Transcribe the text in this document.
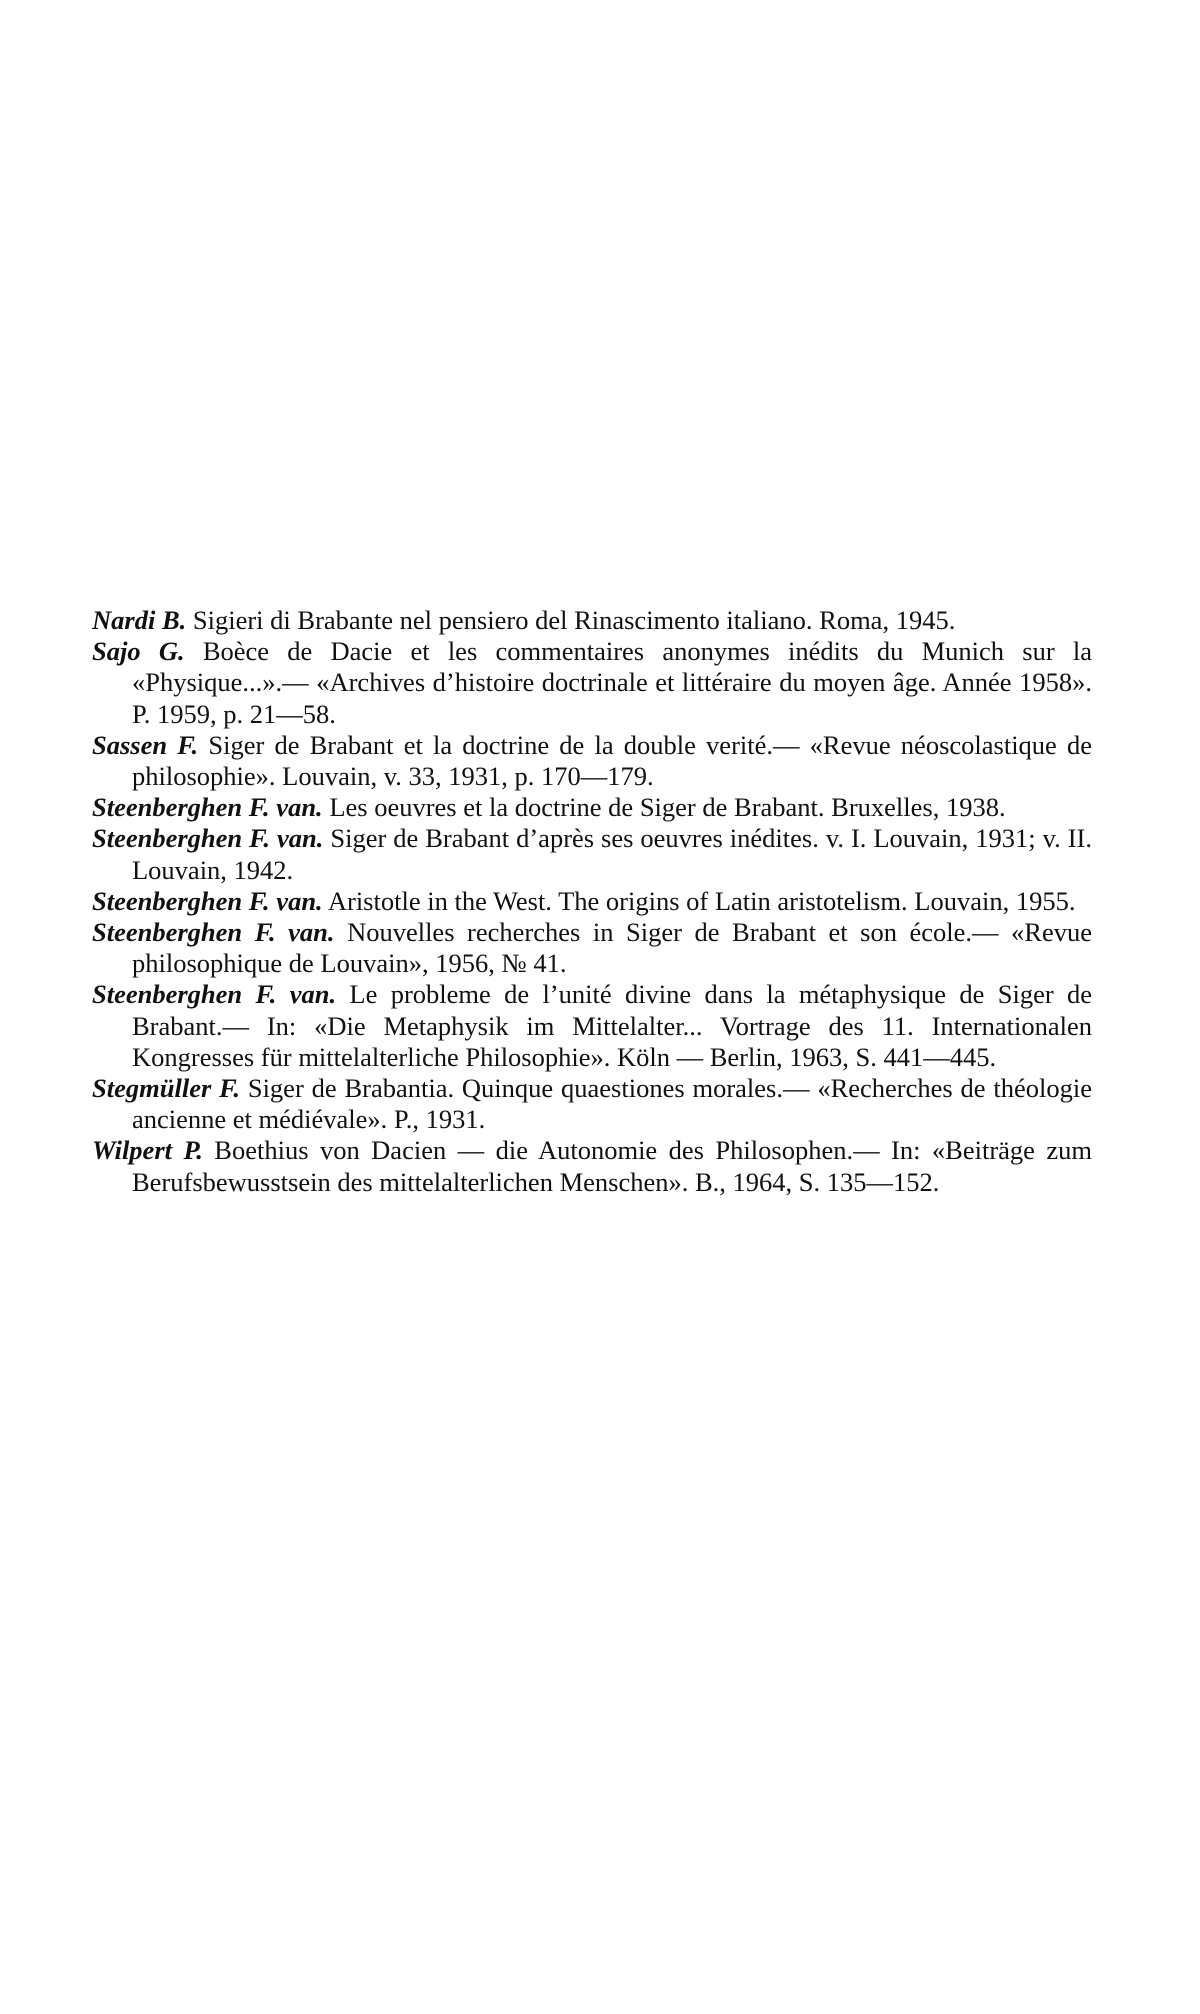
Nardi B. Sigieri di Brabante nel pensiero del Rinascimento italiano. Roma, 1945.
Sajo G. Boèce de Dacie et les commentaires anonymes inédits du Munich sur la «Physique...».— «Archives d’histoire doctrinale et littéraire du moyen âge. Année 1958». P. 1959, p. 21—58.
Sassen F. Siger de Brabant et la doctrine de la double verité.— «Revue néoscolastique de philosophie». Louvain, v. 33, 1931, p. 170—179.
Steenberghen F. van. Les oeuvres et la doctrine de Siger de Brabant. Bruxelles, 1938.
Steenberghen F. van. Siger de Brabant d’après ses oeuvres inédites. v. I. Louvain, 1931; v. II. Louvain, 1942.
Steenberghen F. van. Aristotle in the West. The origins of Latin aristotelism. Louvain, 1955.
Steenberghen F. van. Nouvelles recherches in Siger de Brabant et son école.— «Revue philosophique de Louvain», 1956, № 41.
Steenberghen F. van. Le probleme de l’unité divine dans la métaphysique de Siger de Brabant.— In: «Die Metaphysik im Mittelalter... Vortrage des 11. Internationalen Kongresses für mittelalterliche Philosophie». Köln — Berlin, 1963, S. 441—445.
Stegmüller F. Siger de Brabantia. Quinque quaestiones morales.— «Recherches de théologie ancienne et médiévale». P., 1931.
Wilpert P. Boethius von Dacien — die Autonomie des Philosophen.— In: «Beiträge zum Berufsbewusstsein des mittelalterlichen Menschen». B., 1964, S. 135—152.
